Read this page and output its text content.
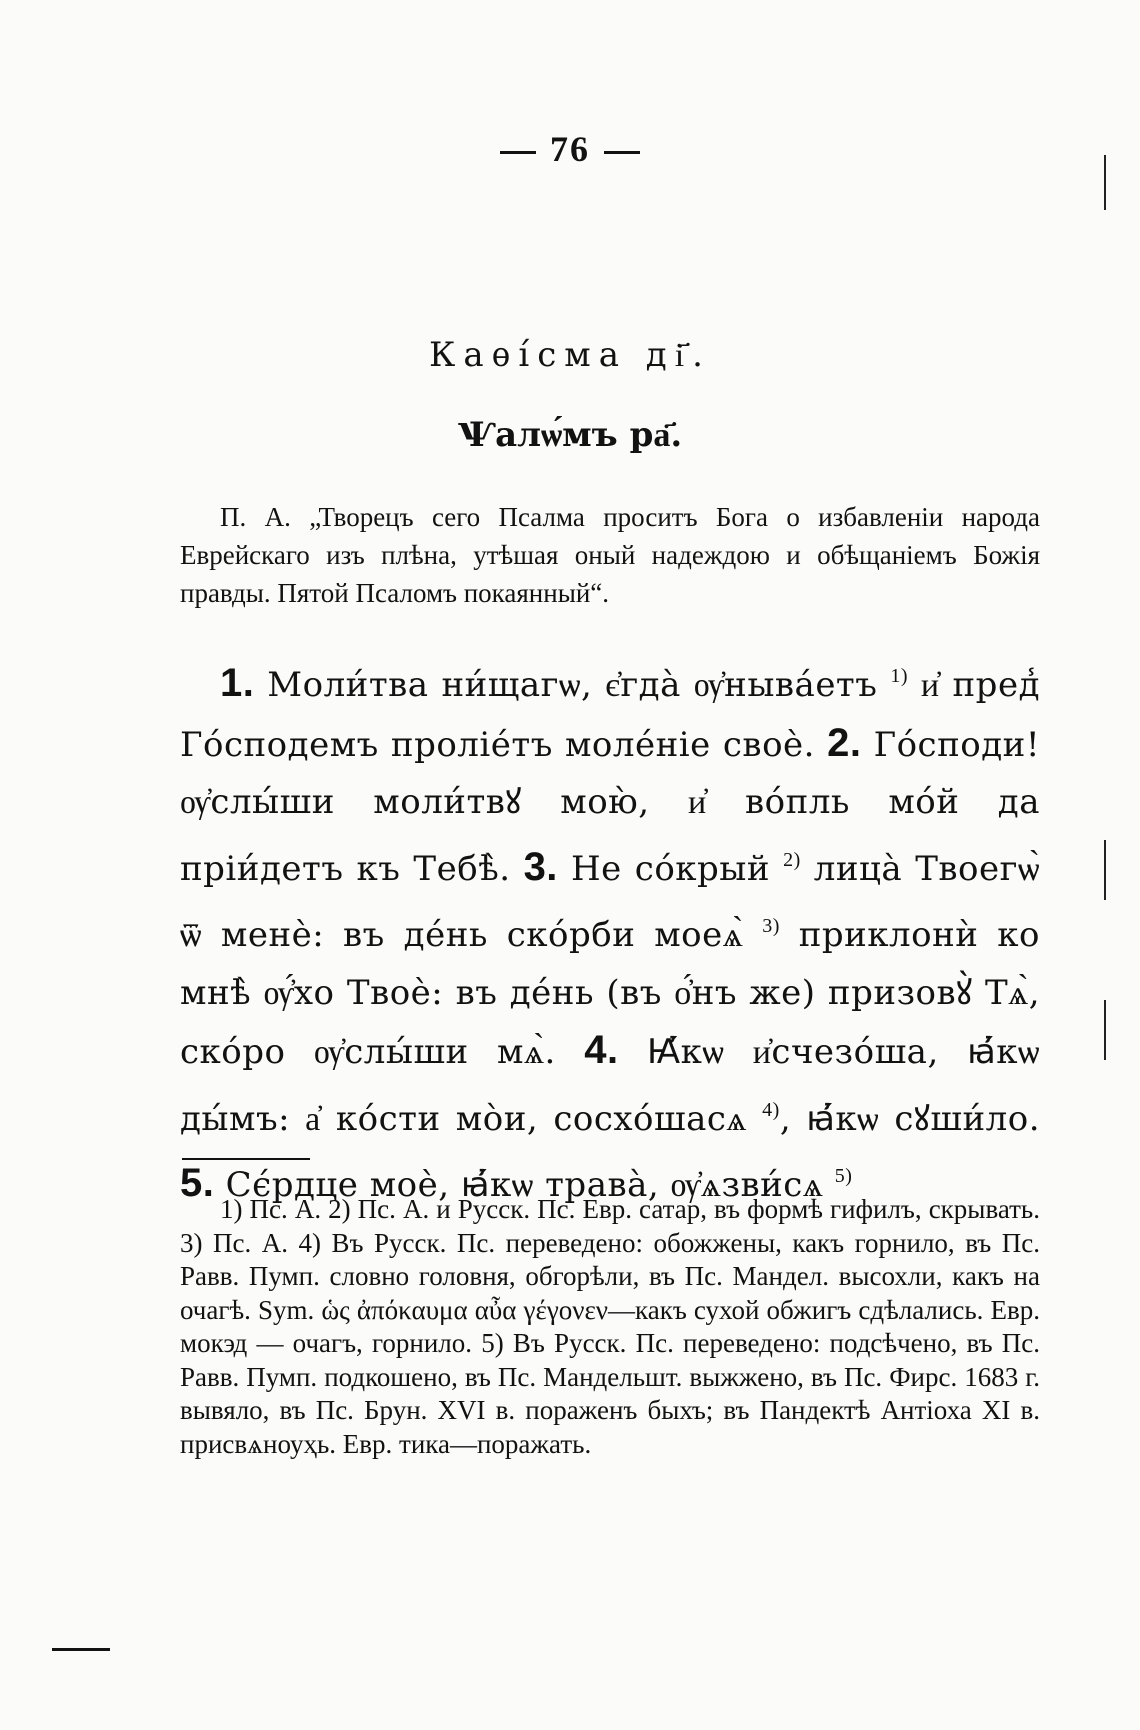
76
Каѳі́сма ді҃.
Ѱалѡ́мъ ра҃.

П. А. „Творецъ сего Псалма проситъ Бога о избавленіи народа Еврейскаго изъ плѣна, утѣшая оный надеждою и обѣщаніемъ Божія правды. Пятой Псаломъ покаянный“.

1. Моли́тва ни́щагѡ, є҆гда̀ ѹ҆ныва́етъ $^{1)}$ и҆ пред̾ Го́сподемъ проліе́тъ моле́ніе своѐ. 2. Го́споди! ѹ҆слы́ши моли́твꙋ мою̀, и҆ во́пль мо́й да пріи́детъ къ Тебѣ̀. 3. Не со́крый $^{2)}$ лица̀ Твоегѡ̀ ѿ менѐ: въ де́нь ско́рби моеѧ̀ $^{3)}$ приклонѝ ко мнѣ̀ ѹ҆́хо Твоѐ: въ де́нь (въ о҆́нъ же) призовꙋ̀ Тѧ̀, ско́ро ѹ҆слы́ши мѧ̀. 4. Ꙗ҆́кѡ и҆счезо́ша, ꙗ҆́кѡ ды́мъ: а҆ ко́сти мо̀и, сосхо́шасѧ $^{4)}$, ꙗ҆́кѡ сꙋши́ло. 5. Сє́рдце моѐ, ꙗ҆́кѡ трава̀, ѹ҆ѧзви́сѧ $^{5)}$

1) Пс. А. 2) Пс. А. и Русск. Пс. Евр. сатар, въ формѣ гифилъ, скрывать. 3) Пс. А. 4) Въ Русск. Пс. переведено: обожжены, какъ горнило, въ Пс. Равв. Пумп. словно головня, обгорѣли, въ Пс. Мандел. высохли, какъ на очагѣ. Sym. ὡς ἀπόκαυμα αὖα γέγονεν—какъ сухой обжигъ сдѣлались. Евр. мокэд — очагъ, горнило. 5) Въ Русск. Пс. переведено: подсѣчено, въ Пс. Равв. Пумп. подкошено, въ Пс. Мандельшт. выжжено, въ Пс. Фирс. 1683 г. вывяло, въ Пс. Брун. XVI в. пораженъ быхъ; въ Пандектѣ Антіоха XI в. присвѧноуҳь. Евр. тика—поражать.
